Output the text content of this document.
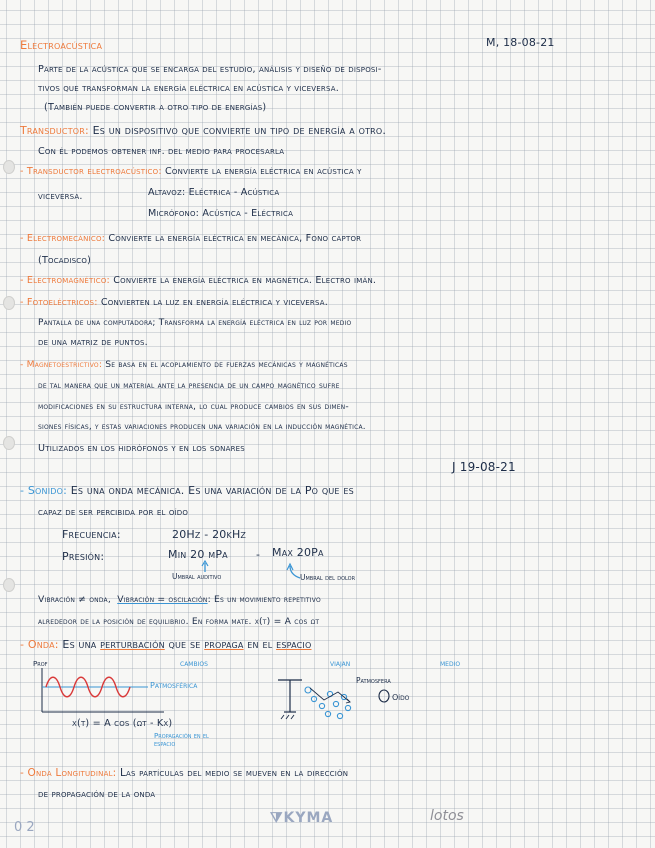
Electroacústica	M, 18-08-21
Parte de la acústica que se encarga del estudio, análisis y diseño de disposi-
tivos que transforman la energía eléctrica en acústica y viceversa.
(También puede convertir a otro tipo de energías)
Transductor: Es un dispositivo que convierte un tipo de energía a otro.
Con él podemos obtener inf. del medio para procesarla
- Transductor electroacústico: Convierte la energía eléctrica en acústica y
viceversa.	Altavoz: Eléctrica - Acústica
Micrófono: Acústica - Eléctrica
- Electromecánico: Convierte la energía eléctrica en mecánica, Fono captor
(Tocadisco)
- Electromagnético: Convierte la energía eléctrica en magnética. Electro imán.
- Fotoeléctricos: Convierten la luz en energía eléctrica y viceversa.
Pantalla de una computadora; Transforma la energía eléctrica en luz por medio
de una matriz de puntos.
- Magnetoestrictivo: Se basa en el acoplamiento de fuerzas mecánicas y magnéticas
de tal manera que un material ante la presencia de un campo magnético sufre
modificaciones en su estructura interna, lo cual produce cambios en sus dimen-
siones físicas, y estas variaciones producen una variación en la inducción magnética.
Utilizados en los hidrófonos y en los sonares
J 19-08-21
- Sonido: Es una onda mecánica. Es una variación de la Po que es
capaz de ser percibida por el oído
Frecuencia:	20Hz - 20kHz
Presión:	Min 20 µPa	- Max 20Pa
Umbral auditivo	Umbral del dolor
Vibración ≠ onda, Vibración = oscilación: Es un movimiento repetitivo
alrededor de la posición de equilibrio. En forma mate. x(t) = A cos ωt
- Onda: Es una perturbación que se propaga en el espacio
cambios	viajan	medio
Prof
Patmosférica
x(t) = A cos (ωt - Kx)
Propagación en el espacio
Patmosfera
Oído
- Onda Longitudinal: Las partículas del medio se mueven en la dirección
de propagación de la onda
0 2
⧩KYMA	lotos
